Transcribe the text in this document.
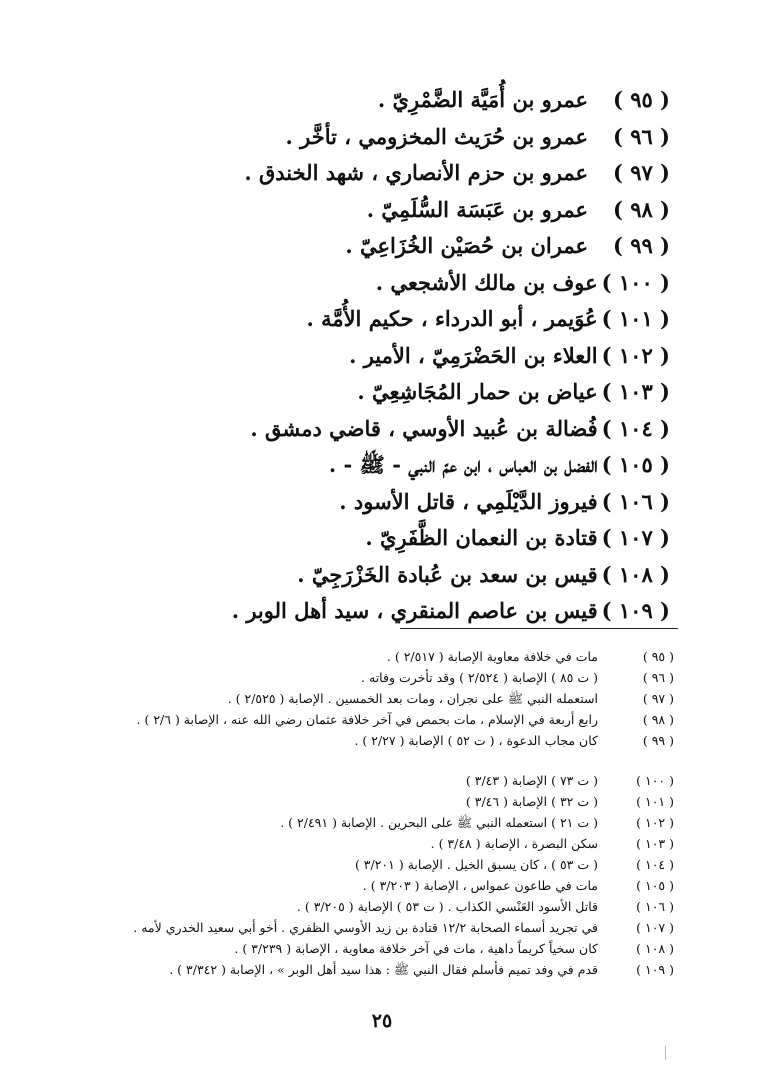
( ٩٥ )عمرو بن أُمَيَّة الضَّمْرِيّ .
( ٩٦ )عمرو بن حُرَيث المخزومي ، تأخَّر .
( ٩٧ )عمرو بن حزم الأنصاري ، شهد الخندق .
( ٩٨ )عمرو بن عَبَسَة السُّلَمِيّ .
( ٩٩ )عمران بن حُصَيْن الخُزَاعِيّ .
( ١٠٠ )عوف بن مالك الأشجعي .
( ١٠١ )عُوَيمر ، أبو الدرداء ، حكيم الأُمَّة .
( ١٠٢ )العلاء بن الحَضْرَمِيّ ، الأمير .
( ١٠٣ )عياض بن حمار المُجَاشِعِيّ .
( ١٠٤ )فُضالة بن عُبيد الأوسي ، قاضي دمشق .
( ١٠٥ )الفضل بن العباس ، ابن عمّ النبي - ﷺ - .
( ١٠٦ )فيروز الدَّيْلَمِي ، قاتل الأسود .
( ١٠٧ )قتادة بن النعمان الظَّفَرِيّ .
( ١٠٨ )قيس بن سعد بن عُبادة الخَزْرَجِيّ .
( ١٠٩ )قيس بن عاصم المنقري ، سيد أهل الوبر .
( ٩٥ )مات في خلافة معاوية الإصابة ( ٢/٥١٧ ) .
( ٩٦ )( ت ٨٥ ) الإصابة ( ٢/٥٢٤ ) وقد تأخرت وفاته .
( ٩٧ )استعمله النبي ﷺ على نجران ، ومات بعد الخمسين . الإصابة ( ٢/٥٢٥ ) .
( ٩٨ )رابع أربعة في الإسلام ، مات بحمص في آخر خلافة عثمان رضي الله عنه ، الإصابة ( ٢/٦ ) .
( ٩٩ )كان مجاب الدعوة ، ( ت ٥٢ ) الإصابة ( ٢/٢٧ ) .
( ١٠٠ )( ت ٧٣ ) الإصابة ( ٣/٤٣ )
( ١٠١ )( ت ٣٢ ) الإصابة ( ٣/٤٦ )
( ١٠٢ )( ت ٢١ ) استعمله النبي ﷺ على البحرين . الإصابة ( ٢/٤٩١ ) .
( ١٠٣ )سكن البصرة ، الإصابة ( ٣/٤٨ ) .
( ١٠٤ )( ت ٥٣ ) ، كان يسبق الخيل . الإصابة ( ٣/٢٠١ )
( ١٠٥ )مات في طاعون عمواس ، الإصابة ( ٣/٢٠٣ ) .
( ١٠٦ )قاتل الأسود العَنْسي الكذاب . ( ت ٥٣ ) الإصابة ( ٣/٢٠٥ ) .
( ١٠٧ )في تجريد أسماء الصحابة ١٢/٢ قتادة بن زيد الأوسي الظفري . أخو أبي سعيد الخدري لأمه .
( ١٠٨ )كان سخياً كريماً داهية ، مات في آخر خلافة معاوية ، الإصابة ( ٣/٢٣٩ ) .
( ١٠٩ )قدم في وفد تميم فأسلم فقال النبي ﷺ : هذا سيد أهل الوبر » ، الإصابة ( ٣/٣٤٢ ) .
٢٥
